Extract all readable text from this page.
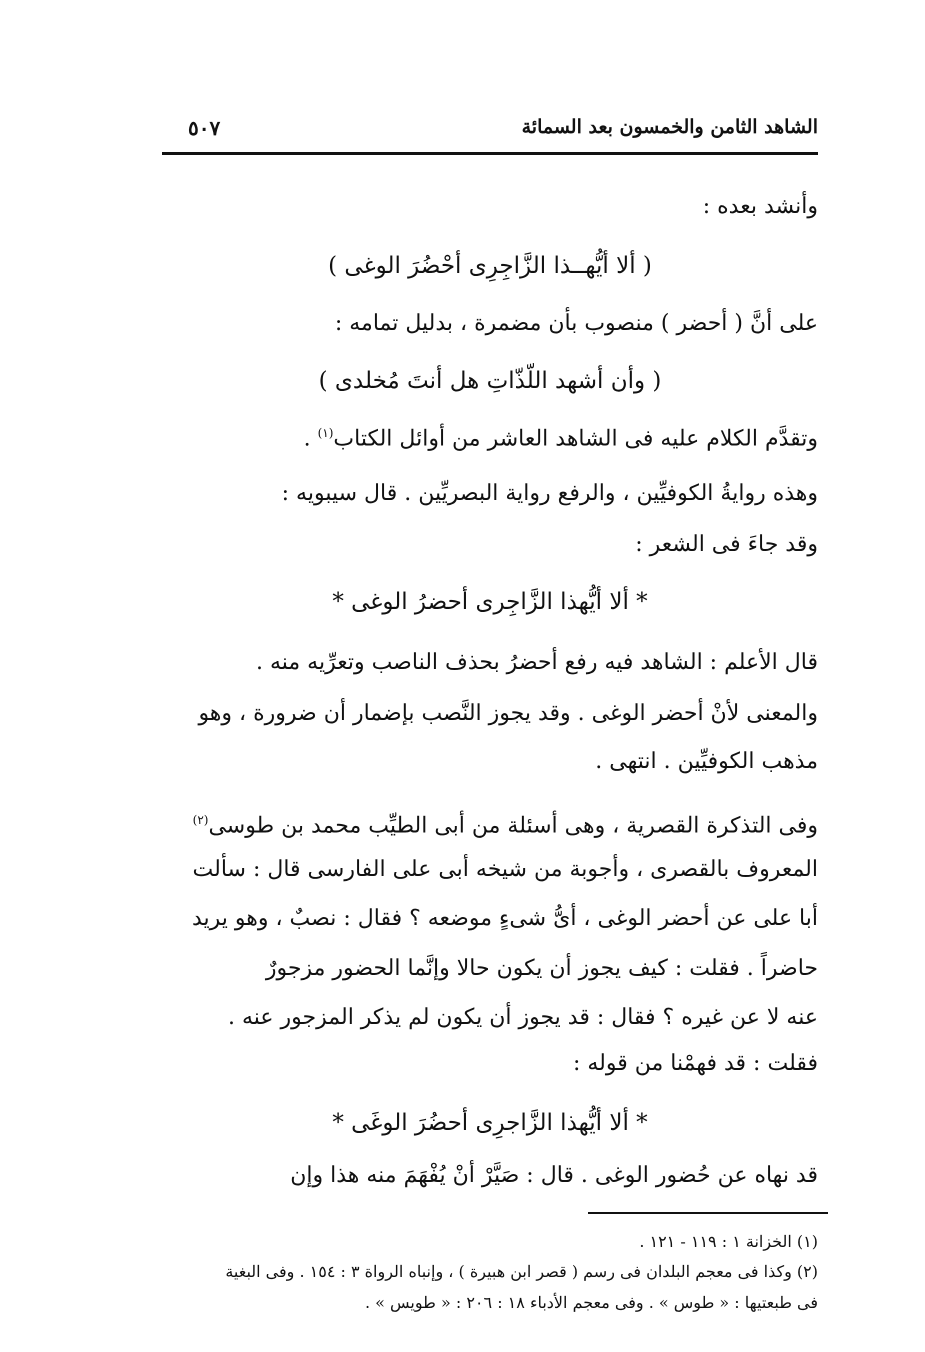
الشاهد الثامن والخمسون بعد السمائة
٥٠٧
وأنشد بعده :
( ألا أيُّهــذا الزَّاجِرِى أحْضُرَ الوغى )
على أنَّ ( أحضر ) منصوب بأن مضمرة ، بدليل تمامه :
( وأن أشهد اللّذّاتِ هل أنتَ مُخلدى )
وتقدَّم الكلام عليه فى الشاهد العاشر من أوائل الكتاب$^{(١)}$ .
وهذه روايةُ الكوفيِّين ، والرفع رواية البصريِّين . قال سيبويه :
وقد جاءَ فى الشعر :
* ألا أيُّهذا الزَّاجِرى أحضرُ الوغى *
قال الأعلم : الشاهد فيه رفع أحضرُ بحذف الناصب وتعرِّيه منه .
والمعنى لأنْ أحضر الوغى . وقد يجوز النَّصب بإضمار أن ضرورة ، وهو
مذهب الكوفيِّين . انتهى .
وفى التذكرة القصرية ، وهى أسئلة من أبى الطيِّب محمد بن طوسى$^{(٢)}$
المعروف بالقصرى ، وأجوبة من شيخه أبى على الفارسى قال : سألت
أبا على عن أحضر الوغى ، أىُّ شىءٍ موضعه ؟ فقال : نصبٌ ، وهو يريد
حاضراً . فقلت : كيف يجوز أن يكون حالا وإنَّما الحضور مزجورٌ
عنه لا عن غيره ؟ فقال : قد يجوز أن يكون لم يذكر المزجور عنه .
فقلت : قد فهمْنا من قوله :
* ألا أيُّهذا الزَّاجرِى أحضُرَ الوغَى *
قد نهاه عن حُضور الوغى . قال : صَيَّرْ أنْ يُفْهَمَ منه هذا وإن
(١) الخزانة ١ : ١١٩ - ١٢١ .
(٢) وكذا فى معجم البلدان فى رسم ( قصر ابن هبيرة ) ، وإنباه الرواة ٣ : ١٥٤ . وفى البغية
فى طبعتيها : « طوس » . وفى معجم الأدباء ١٨ : ٢٠٦ : « طويس » .
